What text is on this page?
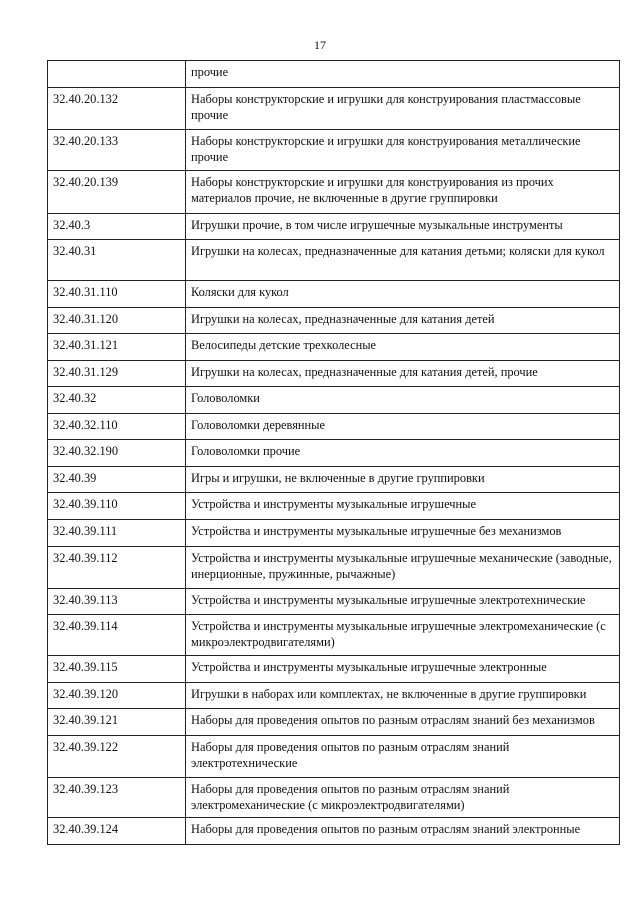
17
	прочие
32.40.20.132	Наборы конструкторские и игрушки для конструирования пластмассовые прочие
32.40.20.133	Наборы конструкторские и игрушки для конструирования металлические прочие
32.40.20.139	Наборы конструкторские и игрушки для конструирования из прочих материалов прочие, не включенные в другие группировки
32.40.3	Игрушки прочие, в том числе игрушечные музыкальные инструменты
32.40.31	Игрушки на колесах, предназначенные для катания детьми; коляски для кукол
32.40.31.110	Коляски для кукол
32.40.31.120	Игрушки на колесах, предназначенные для катания детей
32.40.31.121	Велосипеды детские трехколесные
32.40.31.129	Игрушки на колесах, предназначенные для катания детей, прочие
32.40.32	Головоломки
32.40.32.110	Головоломки деревянные
32.40.32.190	Головоломки прочие
32.40.39	Игры и игрушки, не включенные в другие группировки
32.40.39.110	Устройства и инструменты музыкальные игрушечные
32.40.39.111	Устройства и инструменты музыкальные игрушечные без механизмов
32.40.39.112	Устройства и инструменты музыкальные игрушечные механические (заводные, инерционные, пружинные, рычажные)
32.40.39.113	Устройства и инструменты музыкальные игрушечные электротехнические
32.40.39.114	Устройства и инструменты музыкальные игрушечные электромеханические (с микроэлектродвигателями)
32.40.39.115	Устройства и инструменты музыкальные игрушечные электронные
32.40.39.120	Игрушки в наборах или комплектах, не включенные в другие группировки
32.40.39.121	Наборы для проведения опытов по разным отраслям знаний без механизмов
32.40.39.122	Наборы для проведения опытов по разным отраслям знаний электротехнические
32.40.39.123	Наборы для проведения опытов по разным отраслям знаний электромеханические (с микроэлектродвигателями)
32.40.39.124	Наборы для проведения опытов по разным отраслям знаний электронные
